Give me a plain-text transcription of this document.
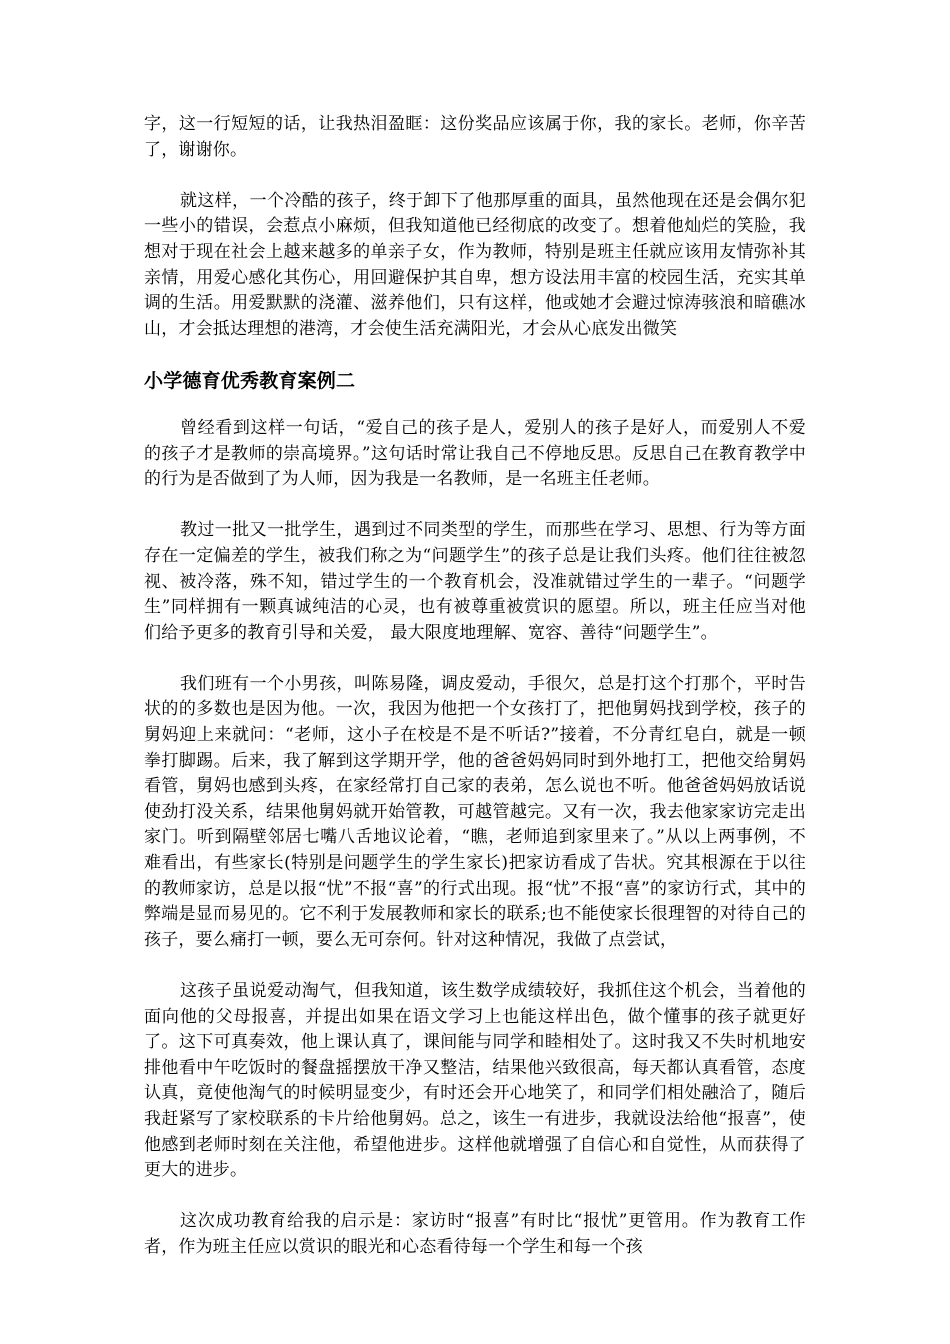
字，这一行短短的话，让我热泪盈眶：这份奖品应该属于你，我的家长。老师，你辛苦了，谢谢你。

就这样，一个冷酷的孩子，终于卸下了他那厚重的面具，虽然他现在还是会偶尔犯一些小的错误，会惹点小麻烦，但我知道他已经彻底的改变了。想着他灿烂的笑脸，我想对于现在社会上越来越多的单亲子女，作为教师，特别是班主任就应该用友情弥补其亲情，用爱心感化其伤心，用回避保护其自卑，想方设法用丰富的校园生活，充实其单调的生活。用爱默默的浇灌、滋养他们，只有这样，他或她才会避过惊涛骇浪和暗礁冰山，才会抵达理想的港湾，才会使生活充满阳光，才会从心底发出微笑

小学德育优秀教育案例二

曾经看到这样一句话，“爱自己的孩子是人，爱别人的孩子是好人，而爱别人不爱的孩子才是教师的崇高境界。”这句话时常让我自己不停地反思。反思自己在教育教学中的行为是否做到了为人师，因为我是一名教师，是一名班主任老师。

教过一批又一批学生，遇到过不同类型的学生，而那些在学习、思想、行为等方面存在一定偏差的学生，被我们称之为“问题学生”的孩子总是让我们头疼。他们往往被忽视、被冷落，殊不知，错过学生的一个教育机会，没准就错过学生的一辈子。“问题学生”同样拥有一颗真诚纯洁的心灵，也有被尊重被赏识的愿望。所以，班主任应当对他们给予更多的教育引导和关爱， 最大限度地理解、宽容、善待“问题学生”。

我们班有一个小男孩，叫陈易隆，调皮爱动，手很欠，总是打这个打那个，平时告状的的多数也是因为他。一次，我因为他把一个女孩打了，把他舅妈找到学校，孩子的舅妈迎上来就问：“老师，这小子在校是不是不听话?”接着，不分青红皂白，就是一顿拳打脚踢。后来，我了解到这学期开学，他的爸爸妈妈同时到外地打工，把他交给舅妈看管，舅妈也感到头疼，在家经常打自己家的表弟，怎么说也不听。他爸爸妈妈放话说使劲打没关系，结果他舅妈就开始管教，可越管越完。又有一次，我去他家家访完走出家门。听到隔壁邻居七嘴八舌地议论着，“瞧，老师追到家里来了。”从以上两事例，不难看出，有些家长(特别是问题学生的学生家长)把家访看成了告状。究其根源在于以往的教师家访，总是以报“忧”不报“喜”的行式出现。报“忧”不报“喜”的家访行式，其中的弊端是显而易见的。它不利于发展教师和家长的联系;也不能使家长很理智的对待自己的孩子，要么痛打一顿，要么无可奈何。针对这种情况，我做了点尝试，

这孩子虽说爱动淘气，但我知道，该生数学成绩较好，我抓住这个机会，当着他的面向他的父母报喜，并提出如果在语文学习上也能这样出色，做个懂事的孩子就更好了。这下可真奏效，他上课认真了，课间能与同学和睦相处了。这时我又不失时机地安排他看中午吃饭时的餐盘摇摆放干净又整洁，结果他兴致很高，每天都认真看管，态度认真，竟使他淘气的时候明显变少，有时还会开心地笑了，和同学们相处融洽了，随后我赶紧写了家校联系的卡片给他舅妈。总之，该生一有进步，我就设法给他“报喜”，使他感到老师时刻在关注他，希望他进步。这样他就增强了自信心和自觉性，从而获得了更大的进步。

这次成功教育给我的启示是：家访时“报喜”有时比“报忧”更管用。作为教育工作者，作为班主任应以赏识的眼光和心态看待每一个学生和每一个孩
